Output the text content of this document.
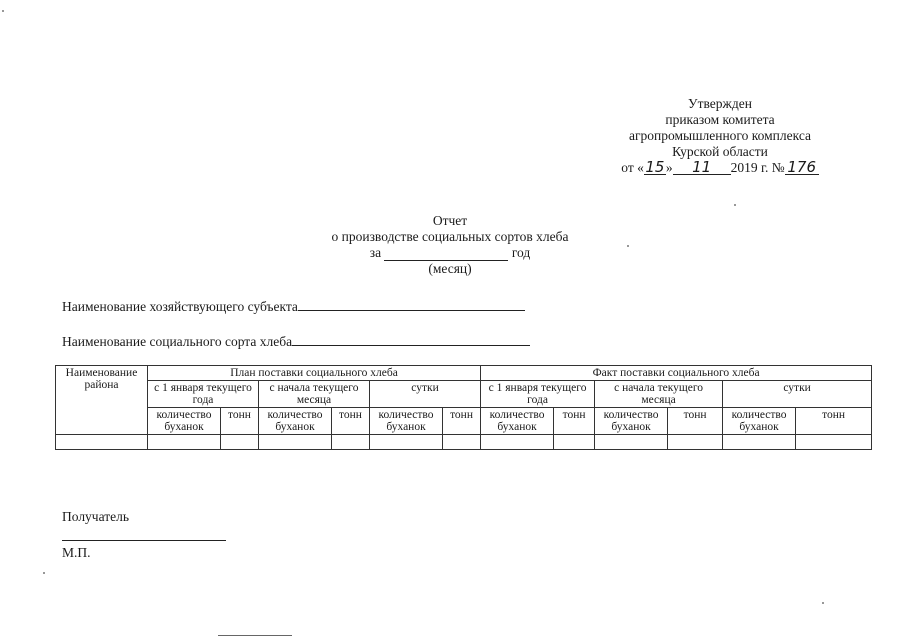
Утвержден
приказом комитета
агропромышленного комплекса
Курской области
от «15» 11 2019 г. № 176
Отчет
о производстве социальных сортов хлеба
за	год
(месяц)
Наименование хозяйствующего субъекта
Наименование социального сорта хлеба
Наименование района	План поставки социального хлеба						Факт поставки социального хлеба					
	с 1 января текущего года		с начала текущего месяца		сутки		с 1 января текущего года		с начала текущего месяца		сутки	
	количество буханок	тонн	количество буханок	тонн	количество буханок	тонн	количество буханок	тонн	количество буханок	тонн	количество буханок	тонн

Получатель
М.П.
